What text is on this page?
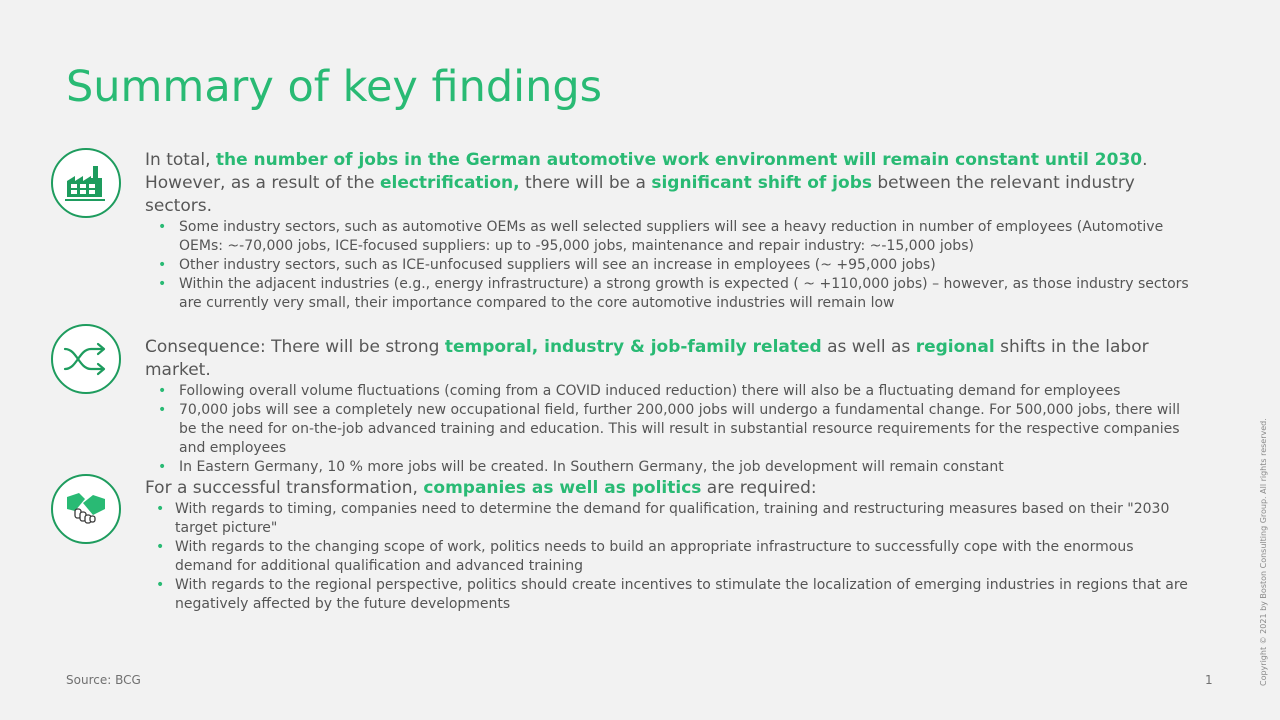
Summary of key findings
In total, the number of jobs in the German automotive work environment will remain constant until 2030. However, as a result of the electrification, there will be a significant shift of jobs between the relevant industry sectors.
• Some industry sectors, such as automotive OEMs as well selected suppliers will see a heavy reduction in number of employees (Automotive OEMs: ~-70,000 jobs, ICE-focused suppliers: up to -95,000 jobs, maintenance and repair industry: ~-15,000 jobs)
• Other industry sectors, such as ICE-unfocused suppliers will see an increase in employees (~ +95,000 jobs)
• Within the adjacent industries (e.g., energy infrastructure) a strong growth is expected ( ~ +110,000 jobs) – however, as those industry sectors are currently very small, their importance compared to the core automotive industries will remain low
Consequence: There will be strong temporal, industry & job-family related as well as regional shifts in the labor market.
• Following overall volume fluctuations (coming from a COVID induced reduction) there will also be a fluctuating demand for employees
• 70,000 jobs will see a completely new occupational field, further 200,000 jobs will undergo a fundamental change. For 500,000 jobs, there will be the need for on-the-job advanced training and education. This will result in substantial resource requirements for the respective companies and employees
• In Eastern Germany, 10 % more jobs will be created. In Southern Germany, the job development will remain constant
For a successful transformation, companies as well as politics are required:
• With regards to timing, companies need to determine the demand for qualification, training and restructuring measures based on their "2030 target picture"
• With regards to the changing scope of work, politics needs to build an appropriate infrastructure to successfully cope with the enormous demand for additional qualification and advanced training
• With regards to the regional perspective, politics should create incentives to stimulate the localization of emerging industries in regions that are negatively affected by the future developments
Source: BCG	1	Copyright © 2021 by Boston Consulting Group. All rights reserved.
